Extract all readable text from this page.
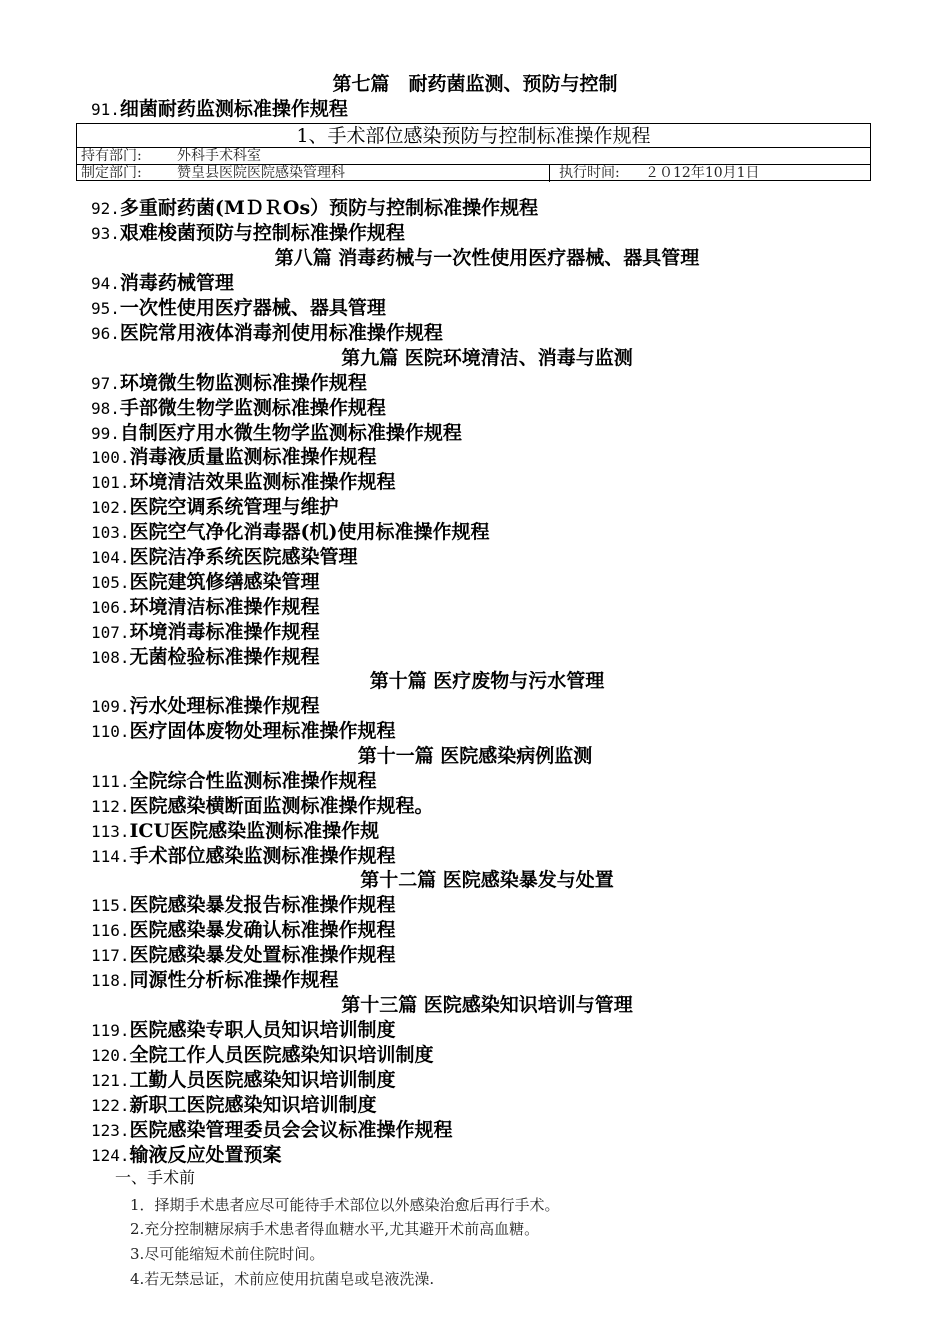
第七篇　耐药菌监测、预防与控制
91.细菌耐药监测标准操作规程
1、手术部位感染预防与控制标准操作规程
持有部门:	外科手术科室
制定部门:	赞皇县医院医院感染管理科	执行时间: ２０12年10月1日
92.多重耐药菌(MＤＲOs）预防与控制标准操作规程
93.艰难梭菌预防与控制标准操作规程
第八篇 消毒药械与一次性使用医疗器械、器具管理
94.消毒药械管理
95.一次性使用医疗器械、器具管理
96.医院常用液体消毒剂使用标准操作规程
第九篇 医院环境清洁、消毒与监测
97.环境微生物监测标准操作规程
98.手部微生物学监测标准操作规程
99.自制医疗用水微生物学监测标准操作规程
100.消毒液质量监测标准操作规程
101.环境清洁效果监测标准操作规程
102.医院空调系统管理与维护
103.医院空气净化消毒器(机)使用标准操作规程
104.医院洁净系统医院感染管理
105.医院建筑修缮感染管理
106.环境清洁标准操作规程
107.环境消毒标准操作规程
108.无菌检验标准操作规程
第十篇 医疗废物与污水管理
109.污水处理标准操作规程
110.医疗固体废物处理标准操作规程
第十一篇 医院感染病例监测
111.全院综合性监测标准操作规程
112.医院感染横断面监测标准操作规程。
113.ICU医院感染监测标准操作规
114.手术部位感染监测标准操作规程
第十二篇 医院感染暴发与处置
115.医院感染暴发报告标准操作规程
116.医院感染暴发确认标准操作规程
117.医院感染暴发处置标准操作规程
118.同源性分析标准操作规程
第十三篇 医院感染知识培训与管理
119.医院感染专职人员知识培训制度
120.全院工作人员医院感染知识培训制度
121.工勤人员医院感染知识培训制度
122.新职工医院感染知识培训制度
123.医院感染管理委员会会议标准操作规程
124.输液反应处置预案
一、手术前
1．择期手术患者应尽可能待手术部位以外感染治愈后再行手术。
2.充分控制糖尿病手术患者得血糖水平,尤其避开术前高血糖。
3.尽可能缩短术前住院时间。
4.若无禁忌证，术前应使用抗菌皂或皂液洗澡.
